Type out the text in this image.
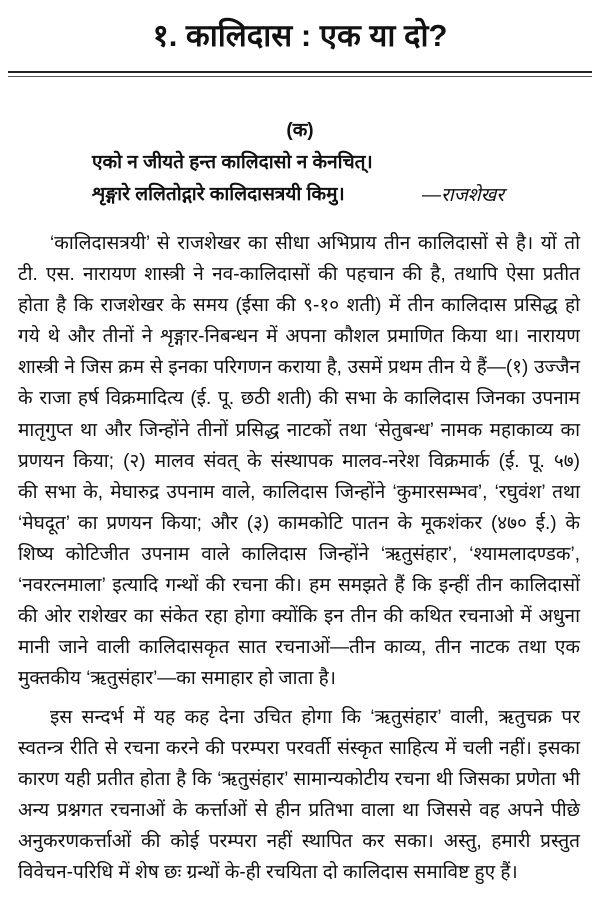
१. कालिदास : एक या दो?
(क)
एको न जीयते हन्त कालिदासो न केनचित्।
शृङ्गारे ललितोद्गारे कालिदासत्रयी किमु।	—राजशेखर
‘कालिदासत्रयी’ से राजशेखर का सीधा अभिप्राय तीन कालिदासों से है। यों तो
टी. एस. नारायण शास्त्री ने नव-कालिदासों की पहचान की है, तथापि ऐसा प्रतीत
होता है कि राजशेखर के समय (ईसा की ९-१० शती) में तीन कालिदास प्रसिद्ध हो
गये थे और तीनों ने शृङ्गार-निबन्धन में अपना कौशल प्रमाणित किया था। नारायण
शास्त्री ने जिस क्रम से इनका परिगणन कराया है, उसमें प्रथम तीन ये हैं—(१) उज्जैन
के राजा हर्ष विक्रमादित्य (ई. पू. छठी शती) की सभा के कालिदास जिनका उपनाम
मातृगुप्त था और जिन्होंने तीनों प्रसिद्ध नाटकों तथा ‘सेतुबन्ध’ नामक महाकाव्य का
प्रणयन किया; (२) मालव संवत् के संस्थापक मालव-नरेश विक्रमार्क (ई. पू. ५७)
की सभा के, मेघारुद्र उपनाम वाले, कालिदास जिन्होंने ‘कुमारसम्भव’, ‘रघुवंश’ तथा
‘मेघदूत’ का प्रणयन किया; और (३) कामकोटि पातन के मूकशंकर (४७० ई.) के
शिष्य कोटिजीत उपनाम वाले कालिदास जिन्होंने ‘ऋतुसंहार’, ‘श्यामलादण्डक’,
‘नवरत्नमाला’ इत्यादि गन्थों की रचना की। हम समझते हैं कि इन्हीं तीन कालिदासों
की ओर राशेखर का संकेत रहा होगा क्योंकि इन तीन की कथित रचनाओ में अधुना
मानी जाने वाली कालिदासकृत सात रचनाओं—तीन काव्य, तीन नाटक तथा एक
मुक्तकीय ‘ऋतुसंहार’—का समाहार हो जाता है।
इस सन्दर्भ में यह कह देना उचित होगा कि ‘ऋतुसंहार’ वाली, ऋतुचक्र पर
स्वतन्त्र रीति से रचना करने की परम्परा परवर्ती संस्कृत साहित्य में चली नहीं। इसका
कारण यही प्रतीत होता है कि ‘ऋतुसंहार’ सामान्यकोटीय रचना थी जिसका प्रणेता भी
अन्य प्रश्नगत रचनाओं के कर्त्ताओं से हीन प्रतिभा वाला था जिससे वह अपने पीछे
अनुकरणकर्त्ताओं की कोई परम्परा नहीं स्थापित कर सका। अस्तु, हमारी प्रस्तुत
विवेचन-परिधि में शेष छः ग्रन्थों के-ही रचयिता दो कालिदास समाविष्ट हुए हैं।
